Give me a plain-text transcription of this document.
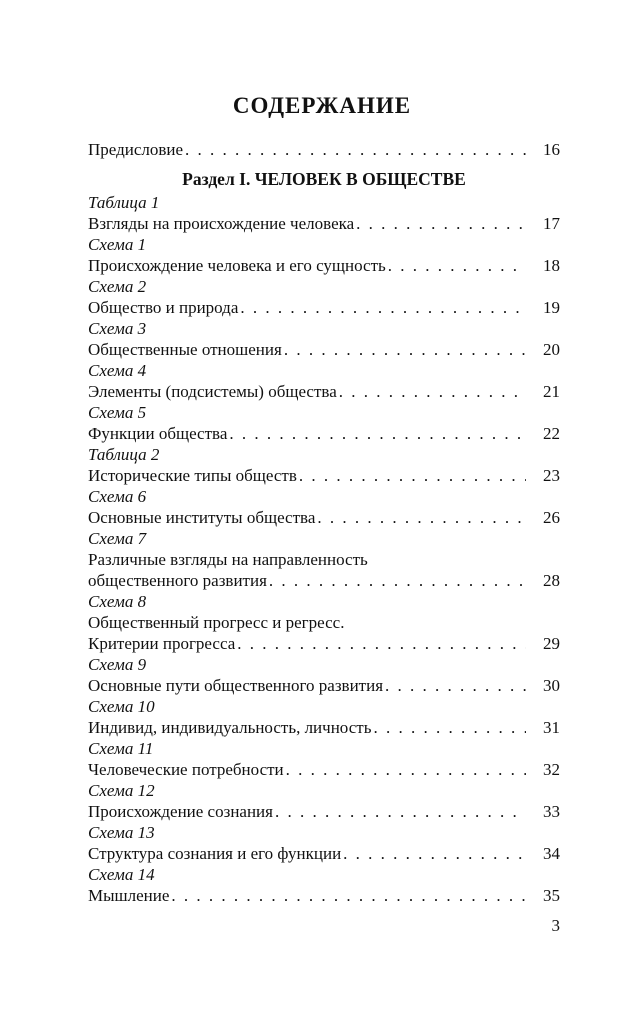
СОДЕРЖАНИЕ
Предисловие . . .	16
Раздел I. ЧЕЛОВЕК В ОБЩЕСТВЕ
Таблица 1
Взгляды на происхождение человека . . .	17
Схема 1
Происхождение человека и его сущность . . .	18
Схема 2
Общество и природа . . .	19
Схема 3
Общественные отношения . . .	20
Схема 4
Элементы (подсистемы) общества . . .	21
Схема 5
Функции общества . . .	22
Таблица 2
Исторические типы обществ . . .	23
Схема 6
Основные институты общества . . .	26
Схема 7
Различные взгляды на направленность
общественного развития . . .	28
Схема 8
Общественный прогресс и регресс.
Критерии прогресса . . .	29
Схема 9
Основные пути общественного развития . . .	30
Схема 10
Индивид, индивидуальность, личность . . .	31
Схема 11
Человеческие потребности . . .	32
Схема 12
Происхождение сознания . . .	33
Схема 13
Структура сознания и его функции . . .	34
Схема 14
Мышление . . .	35
3
